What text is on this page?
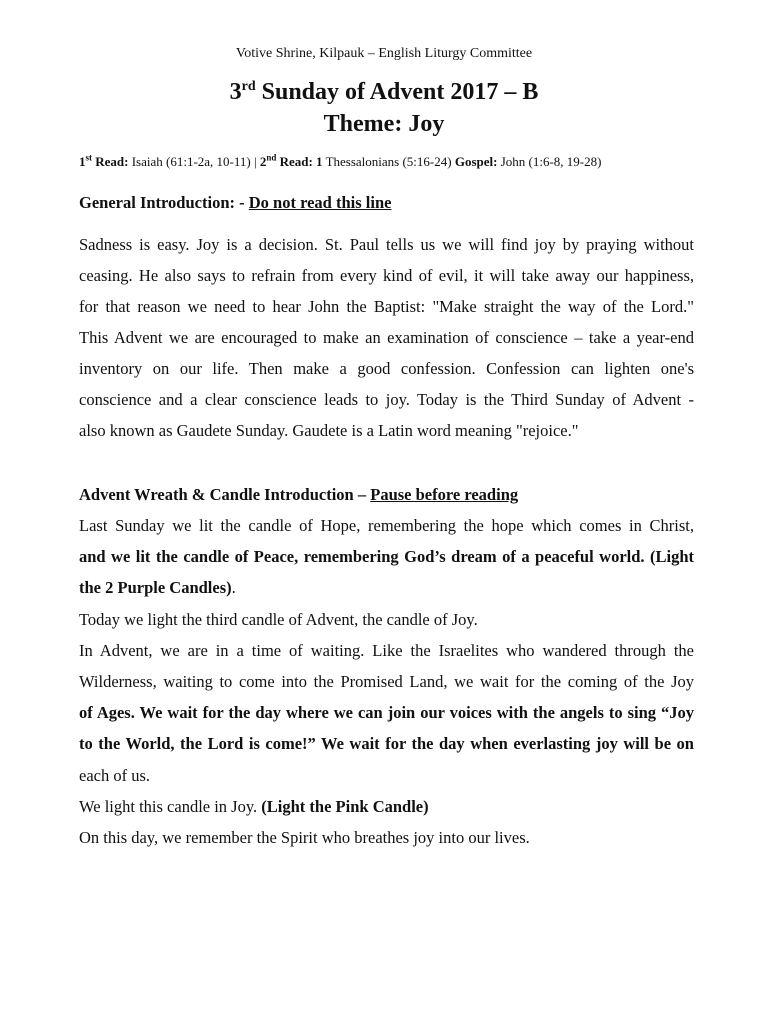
Votive Shrine, Kilpauk – English Liturgy Committee
3rd Sunday of Advent 2017 – B
Theme: Joy
1st Read: Isaiah (61:1-2a, 10-11) | 2nd Read: 1 Thessalonians (5:16-24) Gospel: John (1:6-8, 19-28)
General Introduction: - Do not read this line
Sadness is easy. Joy is a decision. St. Paul tells us we will find joy by praying without
ceasing. He also says to refrain from every kind of evil, it will take away our happiness,
for that reason we need to hear John the Baptist: "Make straight the way of the Lord."
This Advent we are encouraged to make an examination of conscience – take a year-end
inventory on our life. Then make a good confession. Confession can lighten one's
conscience and a clear conscience leads to joy. Today is the Third Sunday of Advent -
also known as Gaudete Sunday. Gaudete is a Latin word meaning "rejoice."
Advent Wreath & Candle Introduction – Pause before reading
Last Sunday we lit the candle of Hope, remembering the hope which comes in Christ,
and we lit the candle of Peace, remembering God’s dream of a peaceful world. (Light
the 2 Purple Candles).
Today we light the third candle of Advent, the candle of Joy.
In Advent, we are in a time of waiting. Like the Israelites who wandered through the
Wilderness, waiting to come into the Promised Land, we wait for the coming of the Joy
of Ages. We wait for the day where we can join our voices with the angels to sing “Joy
to the World, the Lord is come!” We wait for the day when everlasting joy will be on
each of us.
We light this candle in Joy. (Light the Pink Candle)
On this day, we remember the Spirit who breathes joy into our lives.
